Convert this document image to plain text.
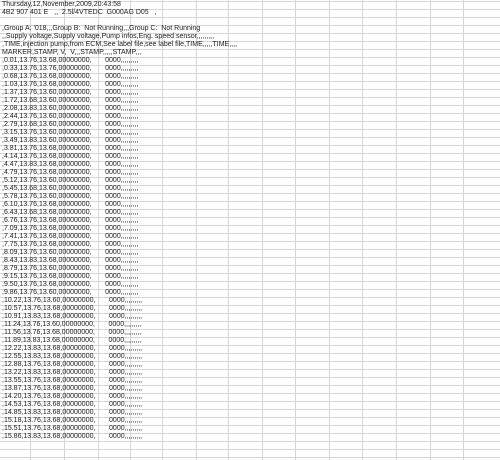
Thursday,12,November,2009,20:43:58
4B2 907 401 E   ,,  2.5l/4VTEDC  G000AG D05   ,
,Group A: '018,,,Group B:  Not Running,,,Group C:  Not Running
,,Supply voltage,Supply voltage,Pump infos,Eng. speed sensor,,,,,,,,,
,TIME,injection pump,from ECM,See label file,see label file,TIME,,,,,TIME,,,,
MARKER,STAMP, V,  V,,,STAMP,,,,,STAMP,,,
,0.01,13.76,13.68,00000000,       0000,,,,,,,,,
,0.33,13.76,13.76,00000000,       0000,,,,,,,,,
,0.68,13.76,13.68,00000000,       0000,,,,,,,,,
,1.03,13.76,13.68,00000000,       0000,,,,,,,,,
,1.37,13.76,13.60,00000000,       0000,,,,,,,,,
,1.72,13.68,13.60,00000000,       0000,,,,,,,,,
,2.08,13.83,13.60,00000000,       0000,,,,,,,,,
,2.44,13.76,13.60,00000000,       0000,,,,,,,,,
,2.79,13.68,13.60,00000000,       0000,,,,,,,,,
,3.15,13.76,13.60,00000000,       0000,,,,,,,,,
,3.49,13.83,13.60,00000000,       0000,,,,,,,,,
,3.81,13.76,13.68,00000000,       0000,,,,,,,,,
,4.14,13.76,13.68,00000000,       0000,,,,,,,,,
,4.47,13.83,13.68,00000000,       0000,,,,,,,,,
,4.79,13.76,13.68,00000000,       0000,,,,,,,,,
,5.12,13.76,13.60,00000000,       0000,,,,,,,,,
,5.45,13.68,13.60,00000000,       0000,,,,,,,,,
,5.78,13.76,13.60,00000000,       0000,,,,,,,,,
,6.10,13.76,13.68,00000000,       0000,,,,,,,,,
,6.43,13.68,13.68,00000000,       0000,,,,,,,,,
,6.76,13.76,13.68,00000000,       0000,,,,,,,,,
,7.09,13.76,13.68,00000000,       0000,,,,,,,,,
,7.41,13.76,13.68,00000000,       0000,,,,,,,,,
,7.75,13.76,13.68,00000000,       0000,,,,,,,,,
,8.09,13.76,13.60,00000000,       0000,,,,,,,,,
,8.43,13.83,13.68,00000000,       0000,,,,,,,,,
,8.79,13.76,13.60,00000000,       0000,,,,,,,,,
,9.15,13.76,13.68,00000000,       0000,,,,,,,,,
,9.50,13.76,13.68,00000000,       0000,,,,,,,,,
,9.86,13.76,13.60,00000000,       0000,,,,,,,,,
,10.22,13.76,13.60,00000000,       0000,,,,,,,,,
,10.57,13.76,13.68,00000000,       0000,,,,,,,,,
,10.91,13.83,13.68,00000000,       0000,,,,,,,,,
,11.24,13.76,13.60,00000000,       0000,,,,,,,,,
,11.56,13.76,13.68,00000000,       0000,,,,,,,,,
,11.89,13.83,13.68,00000000,       0000,,,,,,,,,
,12.22,13.83,13.68,00000000,       0000,,,,,,,,,
,12.55,13.83,13.68,00000000,       0000,,,,,,,,,
,12.88,13.76,13.68,00000000,       0000,,,,,,,,,
,13.22,13.83,13.68,00000000,       0000,,,,,,,,,
,13.55,13.76,13.68,00000000,       0000,,,,,,,,,
,13.87,13.76,13.68,00000000,       0000,,,,,,,,,
,14.20,13.76,13.68,00000000,       0000,,,,,,,,,
,14.53,13.76,13.68,00000000,       0000,,,,,,,,,
,14.85,13.83,13.68,00000000,       0000,,,,,,,,,
,15.18,13.76,13.68,00000000,       0000,,,,,,,,,
,15.51,13.76,13.68,00000000,       0000,,,,,,,,,
,15.86,13.83,13.68,00000000,       0000,,,,,,,,,
